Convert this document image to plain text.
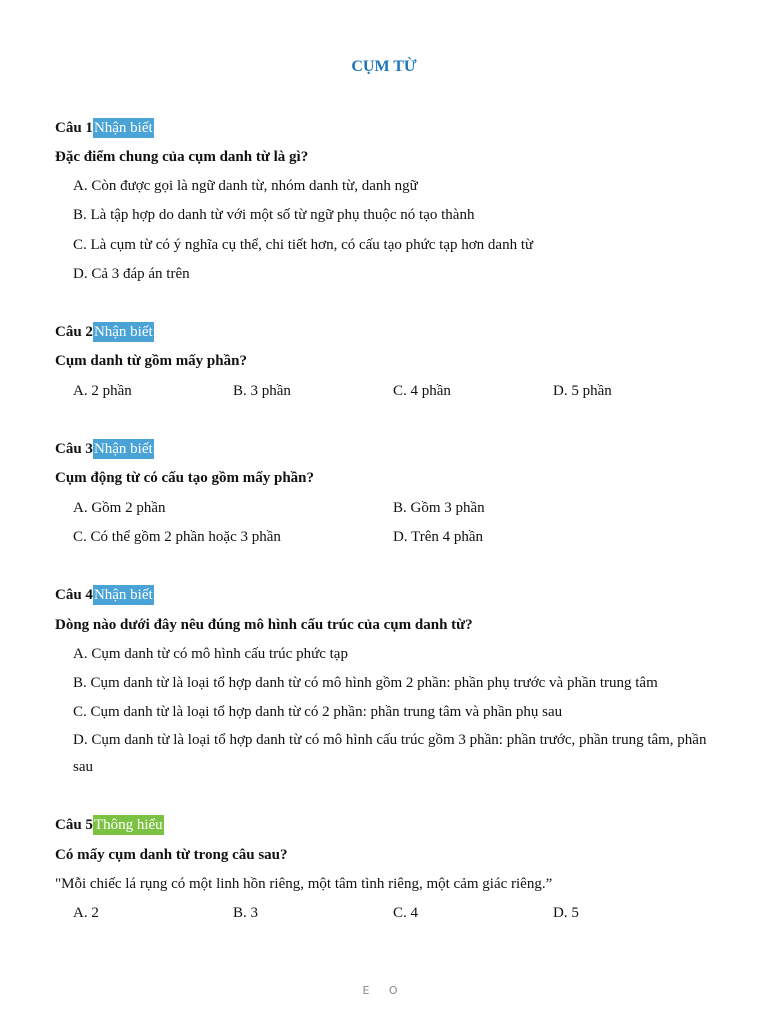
CỤM TỪ
Câu 1Nhận biết
Đặc điểm chung của cụm danh từ là gì?
A. Còn được gọi là ngữ danh từ, nhóm danh từ, danh ngữ
B. Là tập hợp do danh từ với một số từ ngữ phụ thuộc nó tạo thành
C. Là cụm từ có ý nghĩa cụ thể, chi tiết hơn, có cấu tạo phức tạp hơn danh từ
D. Cả 3 đáp án trên
Câu 2Nhận biết
Cụm danh từ gồm mấy phần?
A. 2 phần	B. 3 phần	C. 4 phần	D. 5 phần
Câu 3Nhận biết
Cụm động từ có cấu tạo gồm mấy phần?
A. Gồm 2 phần	B. Gồm 3 phần
C. Có thể gồm 2 phần hoặc 3 phần	D. Trên 4 phần
Câu 4Nhận biết
Dòng nào dưới đây nêu đúng mô hình cấu trúc của cụm danh từ?
A. Cụm danh từ có mô hình cấu trúc phức tạp
B. Cụm danh từ là loại tổ hợp danh từ có mô hình gồm 2 phần: phần phụ trước và phần trung tâm
C. Cụm danh từ là loại tổ hợp danh từ có 2 phần: phần trung tâm và phần phụ sau
D. Cụm danh từ là loại tổ hợp danh từ có mô hình cấu trúc gồm 3 phần: phần trước, phần trung tâm, phần sau
Câu 5Thông hiểu
Có mấy cụm danh từ trong câu sau?
"Mỗi chiếc lá rụng có một linh hồn riêng, một tâm tình riêng, một cảm giác riêng.”
A. 2	B. 3	C. 4	D. 5
E O
